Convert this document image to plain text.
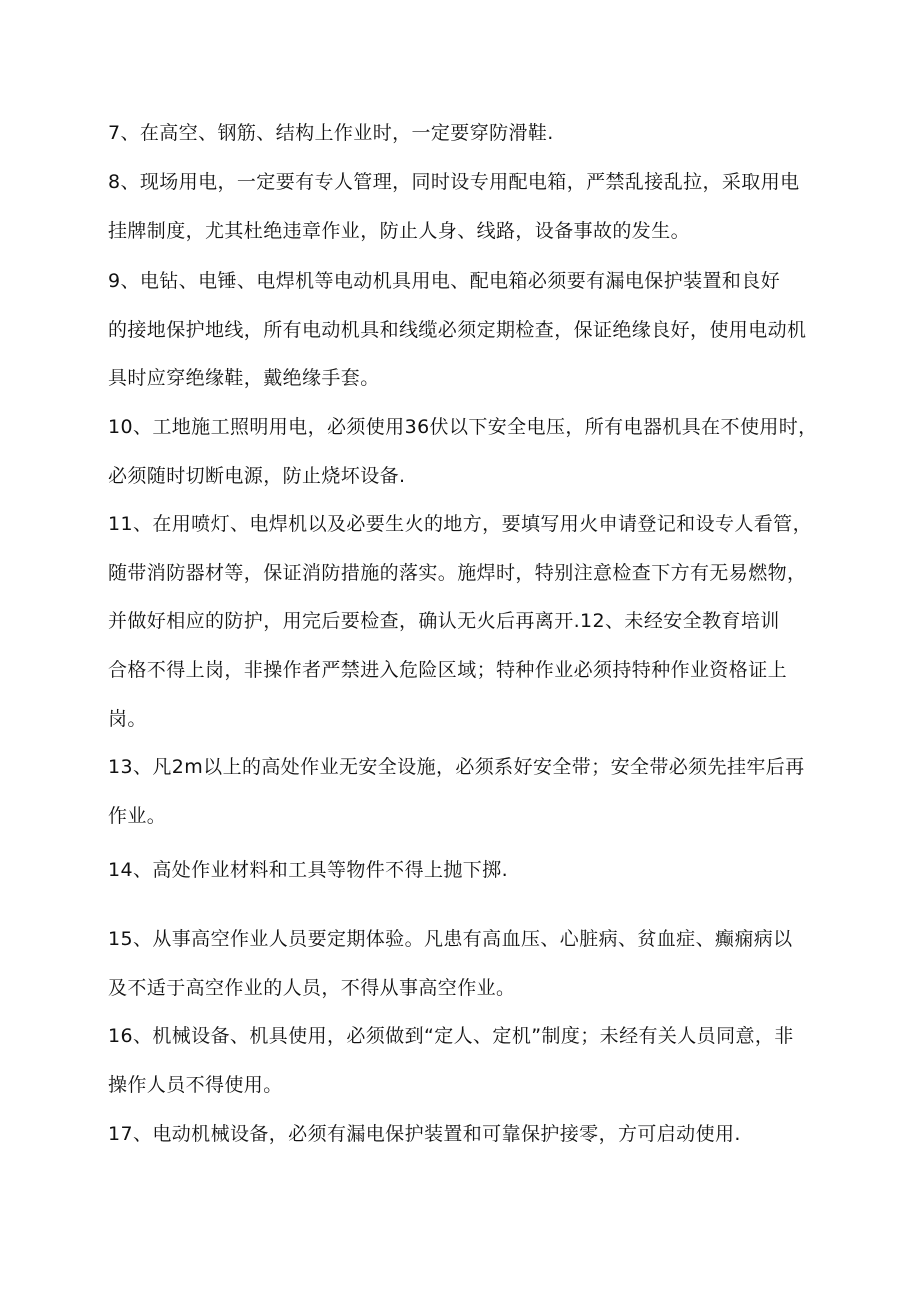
7、在高空、钢筋、结构上作业时，一定要穿防滑鞋.
8、现场用电，一定要有专人管理，同时设专用配电箱，严禁乱接乱拉，采取用电
挂牌制度，尤其杜绝违章作业，防止人身、线路，设备事故的发生。
9、电钻、电锤、电焊机等电动机具用电、配电箱必须要有漏电保护装置和良好
的接地保护地线，所有电动机具和线缆必须定期检查，保证绝缘良好，使用电动机
具时应穿绝缘鞋，戴绝缘手套。
10、工地施工照明用电，必须使用36伏以下安全电压，所有电器机具在不使用时，
必须随时切断电源，防止烧坏设备.
11、在用喷灯、电焊机以及必要生火的地方，要填写用火申请登记和设专人看管，
随带消防器材等，保证消防措施的落实。施焊时，特别注意检查下方有无易燃物，
并做好相应的防护，用完后要检查，确认无火后再离开.12、未经安全教育培训
合格不得上岗，非操作者严禁进入危险区域；特种作业必须持特种作业资格证上
岗。
13、凡2m以上的高处作业无安全设施，必须系好安全带；安全带必须先挂牢后再
作业。
14、高处作业材料和工具等物件不得上抛下掷.
15、从事高空作业人员要定期体验。凡患有高血压、心脏病、贫血症、癫痫病以
及不适于高空作业的人员，不得从事高空作业。
16、机械设备、机具使用，必须做到“定人、定机”制度；未经有关人员同意，非
操作人员不得使用。
17、电动机械设备，必须有漏电保护装置和可靠保护接零，方可启动使用.
